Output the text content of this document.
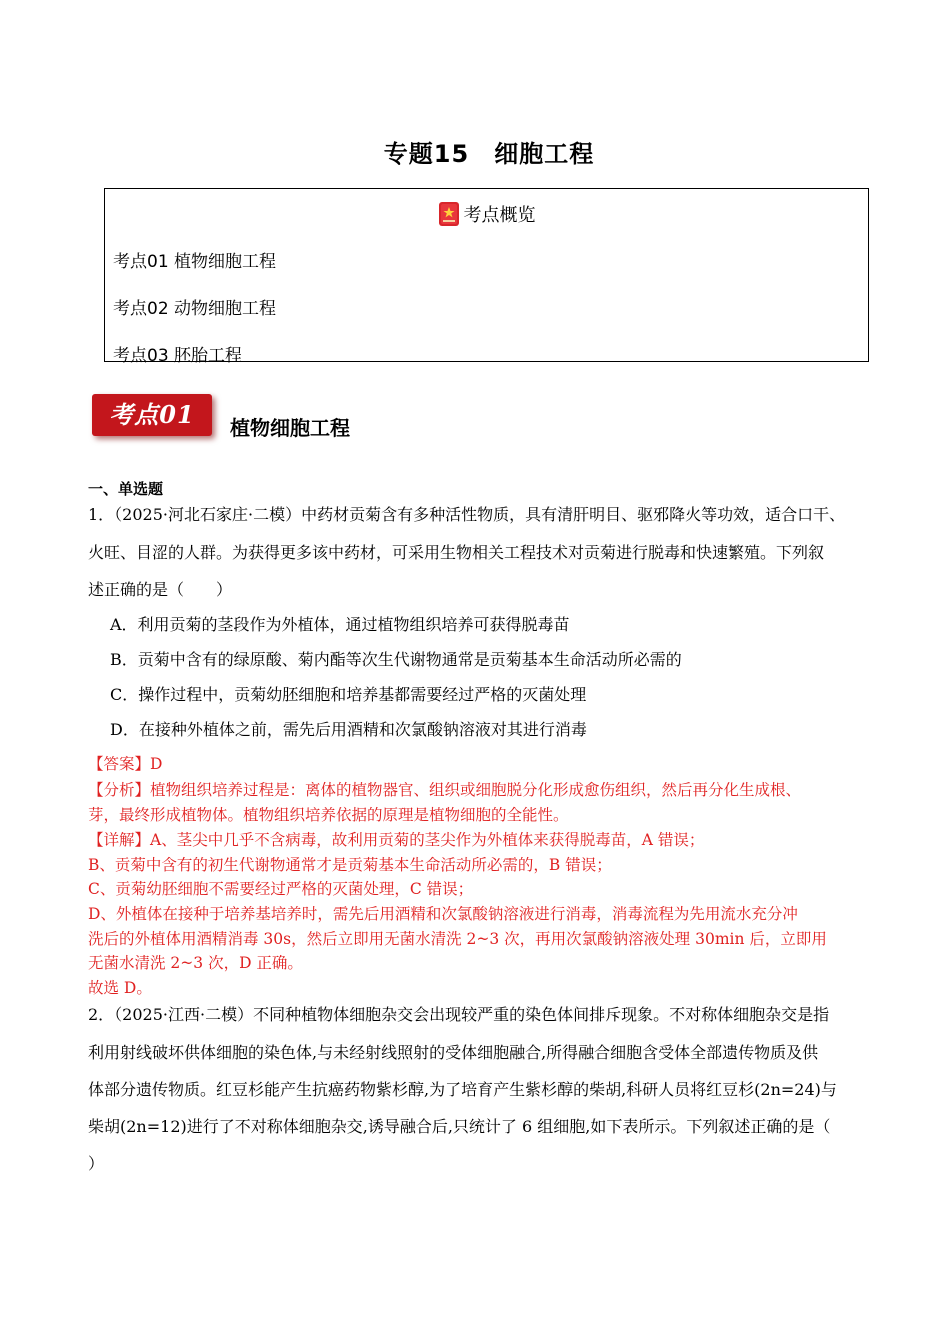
专题15　细胞工程
考点概览
考点01 植物细胞工程
考点02 动物细胞工程
考点03 胚胎工程
考点01	植物细胞工程
一、单选题
1．（2025·河北石家庄·二模）中药材贡菊含有多种活性物质，具有清肝明目、驱邪降火等功效，适合口干、
火旺、目涩的人群。为获得更多该中药材，可采用生物相关工程技术对贡菊进行脱毒和快速繁殖。下列叙
述正确的是（　　）
A．利用贡菊的茎段作为外植体，通过植物组织培养可获得脱毒苗
B．贡菊中含有的绿原酸、菊内酯等次生代谢物通常是贡菊基本生命活动所必需的
C．操作过程中，贡菊幼胚细胞和培养基都需要经过严格的灭菌处理
D．在接种外植体之前，需先后用酒精和次氯酸钠溶液对其进行消毒
【答案】D
【分析】植物组织培养过程是：离体的植物器官、组织或细胞脱分化形成愈伤组织，然后再分化生成根、
芽，最终形成植物体。植物组织培养依据的原理是植物细胞的全能性。
【详解】A、茎尖中几乎不含病毒，故利用贡菊的茎尖作为外植体来获得脱毒苗，A 错误；
B、贡菊中含有的初生代谢物通常才是贡菊基本生命活动所必需的，B 错误；
C、贡菊幼胚细胞不需要经过严格的灭菌处理，C 错误；
D、外植体在接种于培养基培养时，需先后用酒精和次氯酸钠溶液进行消毒，消毒流程为先用流水充分冲
洗后的外植体用酒精消毒 30s，然后立即用无菌水清洗 2~3 次，再用次氯酸钠溶液处理 30min 后，立即用
无菌水清洗 2~3 次，D 正确。
故选 D。
2．（2025·江西·二模）不同种植物体细胞杂交会出现较严重的染色体间排斥现象。不对称体细胞杂交是指
利用射线破坏供体细胞的染色体,与未经射线照射的受体细胞融合,所得融合细胞含受体全部遗传物质及供
体部分遗传物质。红豆杉能产生抗癌药物紫杉醇,为了培育产生紫杉醇的柴胡,科研人员将红豆杉(2n=24)与
柴胡(2n=12)进行了不对称体细胞杂交,诱导融合后,只统计了 6 组细胞,如下表所示。下列叙述正确的是（
）
